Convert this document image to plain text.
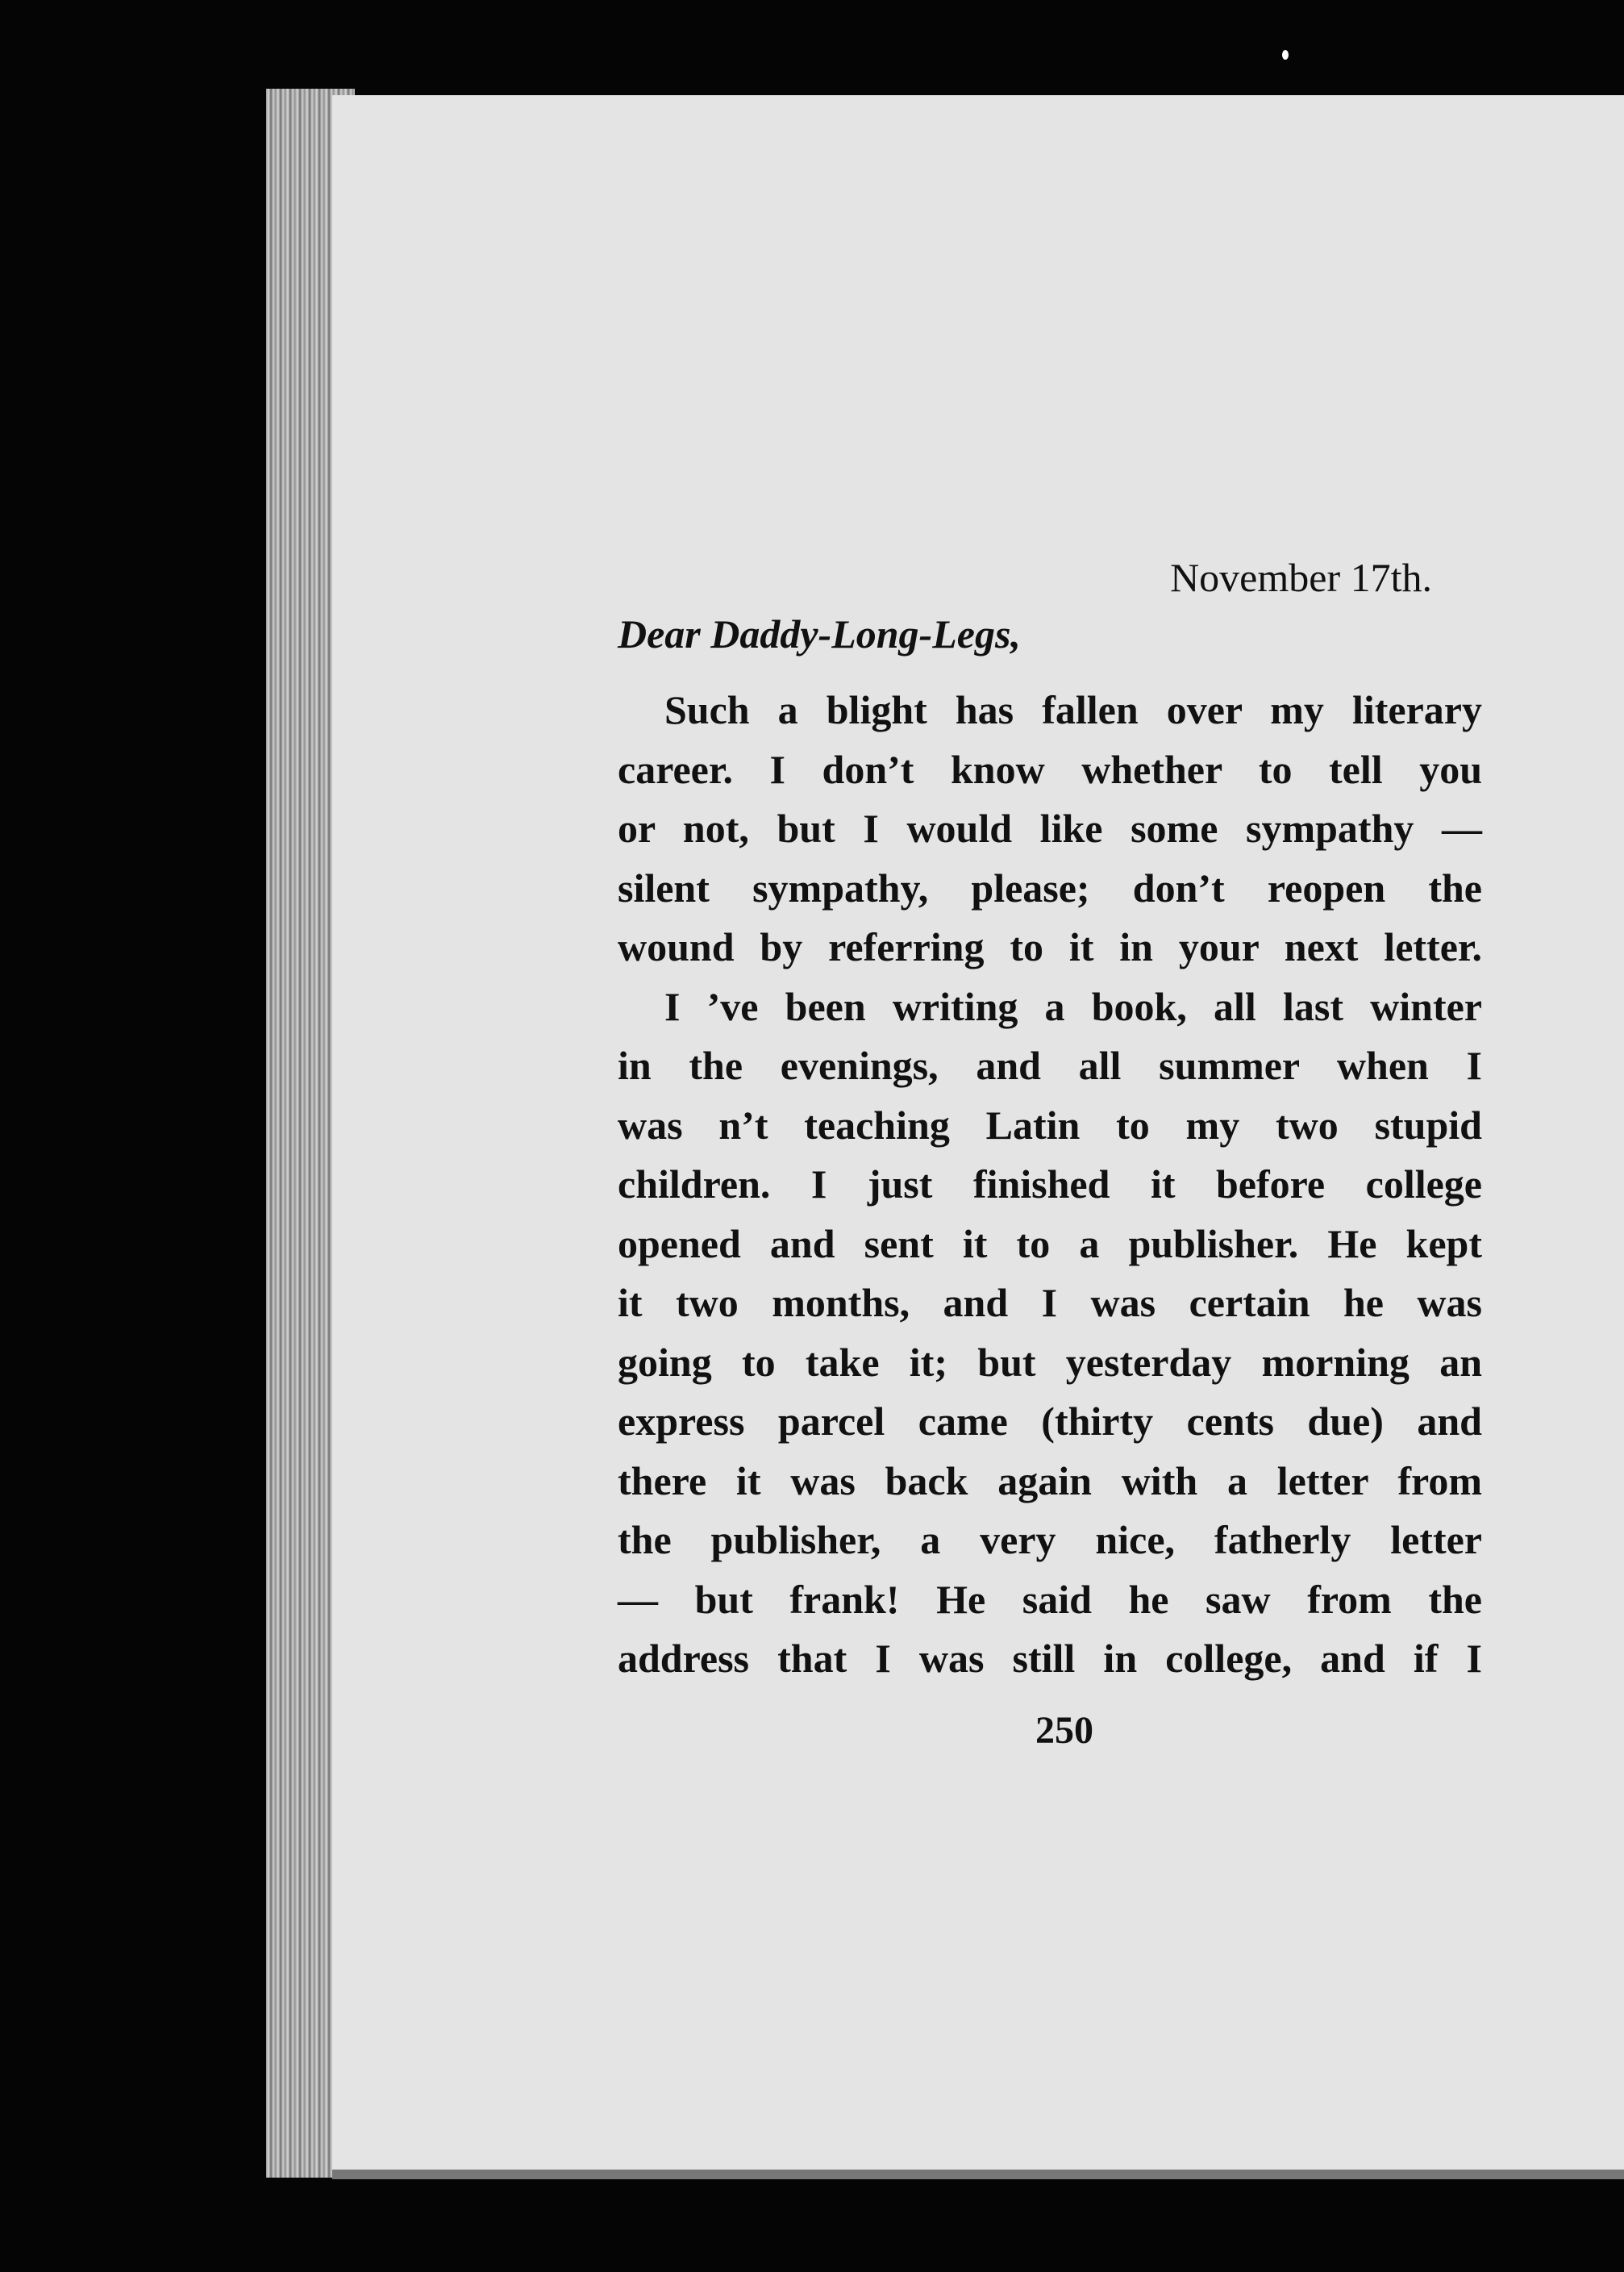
November 17th.
Dear Daddy-Long-Legs,
Such a blight has fallen over my literary
career. I don’t know whether to tell you
or not, but I would like some sympathy —
silent sympathy, please; don’t reopen the
wound by referring to it in your next letter.
I ’ve been writing a book, all last winter
in the evenings, and all summer when I
was n’t teaching Latin to my two stupid
children. I just finished it before college
opened and sent it to a publisher. He kept
it two months, and I was certain he was
going to take it; but yesterday morning an
express parcel came (thirty cents due) and
there it was back again with a letter from
the publisher, a very nice, fatherly letter
— but frank! He said he saw from the
address that I was still in college, and if I
250
